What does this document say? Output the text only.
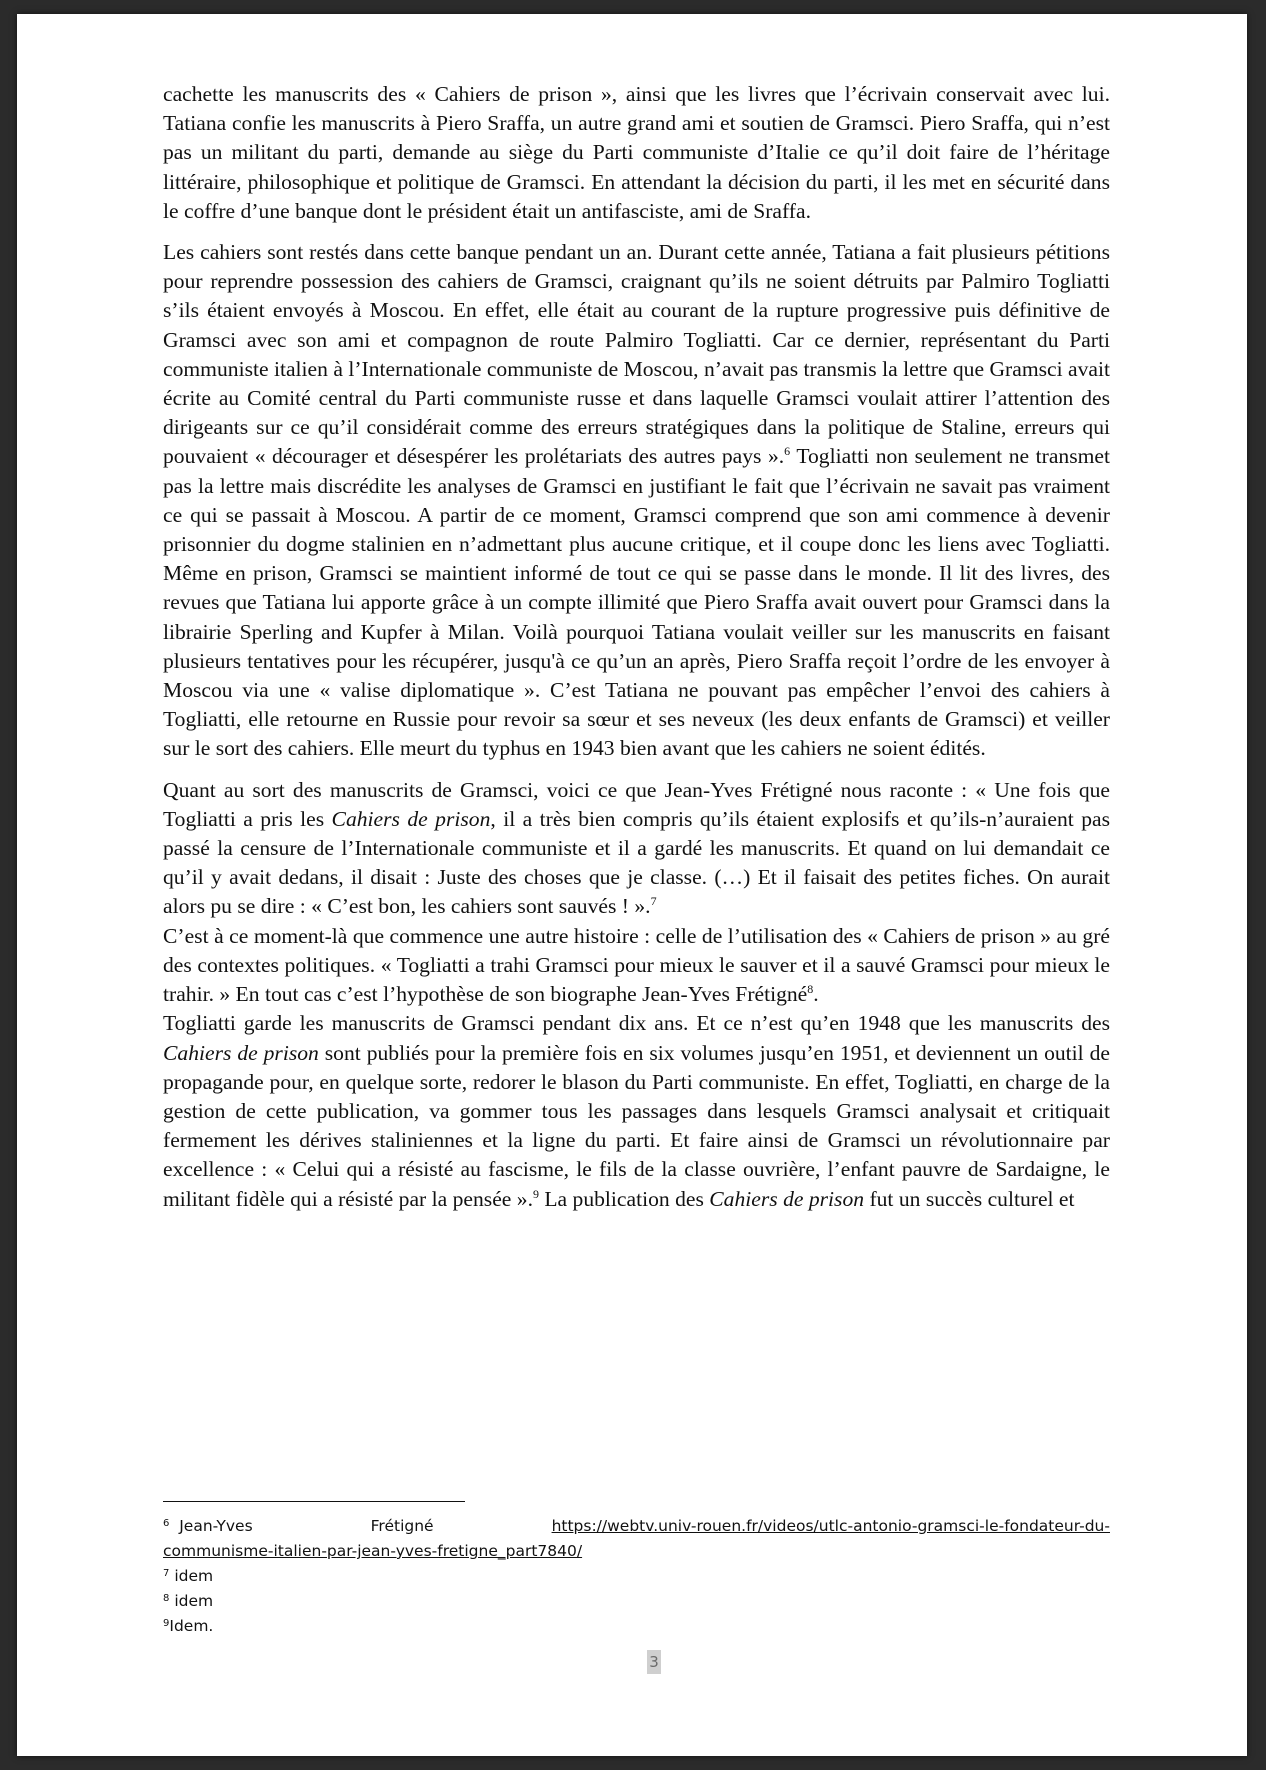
cachette les manuscrits des « Cahiers de prison », ainsi que les livres que l’écrivain conservait avec lui. Tatiana confie les manuscrits à Piero Sraffa, un autre grand ami et soutien de Gramsci. Piero Sraffa, qui n’est pas un militant du parti, demande au siège du Parti communiste d’Italie ce qu’il doit faire de l’héritage littéraire, philosophique et politique de Gramsci. En attendant la décision du parti, il les met en sécurité dans le coffre d’une banque dont le président était un antifasciste, ami de Sraffa.

Les cahiers sont restés dans cette banque pendant un an. Durant cette année, Tatiana a fait plusieurs pétitions pour reprendre possession des cahiers de Gramsci, craignant qu’ils ne soient détruits par Palmiro Togliatti s’ils étaient envoyés à Moscou. En effet, elle était au courant de la rupture progressive puis définitive de Gramsci avec son ami et compagnon de route Palmiro Togliatti. Car ce dernier, représentant du Parti communiste italien à l’Internationale communiste de Moscou, n’avait pas transmis la lettre que Gramsci avait écrite au Comité central du Parti communiste russe et dans laquelle Gramsci voulait attirer l’attention des dirigeants sur ce qu’il considérait comme des erreurs stratégiques dans la politique de Staline, erreurs qui pouvaient « décourager et désespérer les prolétariats des autres pays ».$^6$ Togliatti non seulement ne transmet pas la lettre mais discrédite les analyses de Gramsci en justifiant le fait que l’écrivain ne savait pas vraiment ce qui se passait à Moscou. A partir de ce moment, Gramsci comprend que son ami commence à devenir prisonnier du dogme stalinien en n’admettant plus aucune critique, et il coupe donc les liens avec Togliatti. Même en prison, Gramsci se maintient informé de tout ce qui se passe dans le monde. Il lit des livres, des revues que Tatiana lui apporte grâce à un compte illimité que Piero Sraffa avait ouvert pour Gramsci dans la librairie Sperling and Kupfer à Milan. Voilà pourquoi Tatiana voulait veiller sur les manuscrits en faisant plusieurs tentatives pour les récupérer, jusqu'à ce qu’un an après, Piero Sraffa reçoit l’ordre de les envoyer à Moscou via une « valise diplomatique ». C’est Tatiana ne pouvant pas empêcher l’envoi des cahiers à Togliatti, elle retourne en Russie pour revoir sa sœur et ses neveux (les deux enfants de Gramsci) et veiller sur le sort des cahiers. Elle meurt du typhus en 1943 bien avant que les cahiers ne soient édités.

Quant au sort des manuscrits de Gramsci, voici ce que Jean-Yves Frétigné nous raconte : « Une fois que Togliatti a pris les Cahiers de prison, il a très bien compris qu’ils étaient explosifs et qu’ils-n’auraient pas passé la censure de l’Internationale communiste et il a gardé les manuscrits. Et quand on lui demandait ce qu’il y avait dedans, il disait : Juste des choses que je classe. (…) Et il faisait des petites fiches. On aurait alors pu se dire : « C’est bon, les cahiers sont sauvés ! ».$^7$

C’est à ce moment-là que commence une autre histoire : celle de l’utilisation des « Cahiers de prison » au gré des contextes politiques. « Togliatti a trahi Gramsci pour mieux le sauver et il a sauvé Gramsci pour mieux le trahir. » En tout cas c’est l’hypothèse de son biographe Jean-Yves Frétigné$^8$.

Togliatti garde les manuscrits de Gramsci pendant dix ans. Et ce n’est qu’en 1948 que les manuscrits des Cahiers de prison sont publiés pour la première fois en six volumes jusqu’en 1951, et deviennent un outil de propagande pour, en quelque sorte, redorer le blason du Parti communiste. En effet, Togliatti, en charge de la gestion de cette publication, va gommer tous les passages dans lesquels Gramsci analysait et critiquait fermement les dérives staliniennes et la ligne du parti. Et faire ainsi de Gramsci un révolutionnaire par excellence : « Celui qui a résisté au fascisme, le fils de la classe ouvrière, l’enfant pauvre de Sardaigne, le militant fidèle qui a résisté par la pensée ».$^9$ La publication des Cahiers de prison fut un succès culturel et

$^6$ Jean-Yves	Frétigné	https://webtv.univ-rouen.fr/videos/utlc-antonio-gramsci-le-fondateur-du-
communisme-italien-par-jean-yves-fretigne_part7840/
$^7$ idem
$^8$ idem
$^9$Idem.
3
